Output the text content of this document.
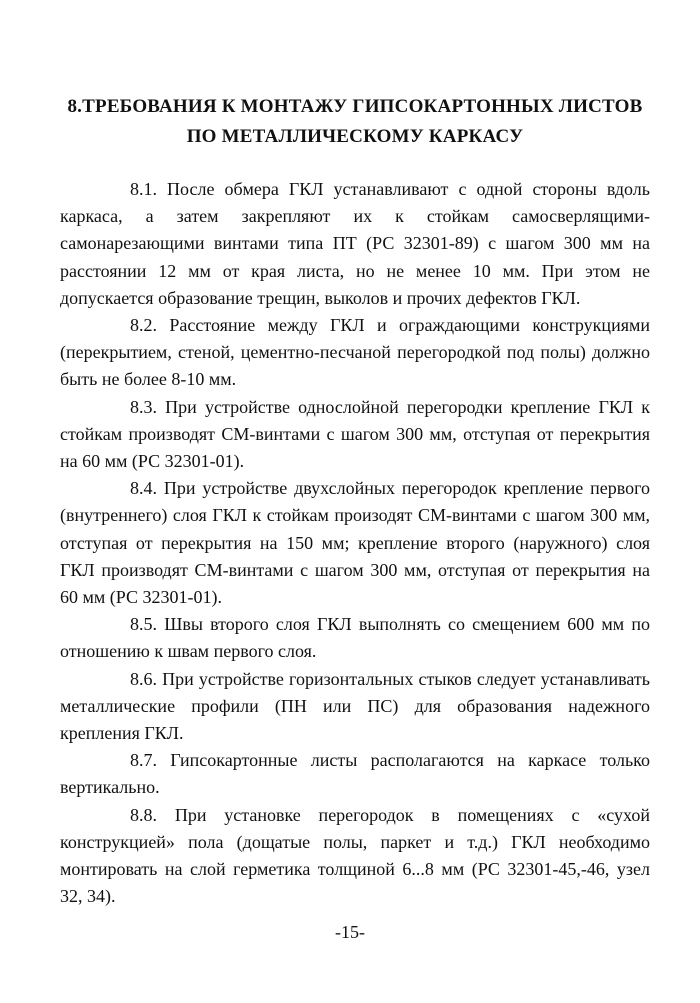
8.ТРЕБОВАНИЯ К МОНТАЖУ ГИПСОКАРТОННЫХ ЛИСТОВ
ПО МЕТАЛЛИЧЕСКОМУ КАРКАСУ

8.1. После обмера ГКЛ устанавливают с одной стороны вдоль каркаса, а затем закрепляют их к стойкам самосверлящими-самонарезающими винтами типа ПТ (РС 32301-89) с шагом 300 мм на расстоянии 12 мм от края листа, но не менее 10 мм. При этом не допускается образование трещин, выколов и прочих дефектов ГКЛ.

8.2. Расстояние между ГКЛ и ограждающими конструкциями (перекрытием, стеной, цементно-песчаной перегородкой под полы) должно быть не более 8-10 мм.

8.3. При устройстве однослойной перегородки крепление ГКЛ к стойкам производят СМ-винтами с шагом 300 мм, отступая от перекрытия на 60 мм (РС 32301-01).

8.4. При устройстве двухслойных перегородок крепление первого (внутреннего) слоя ГКЛ к стойкам произодят СМ-винтами с шагом 300 мм, отступая от перекрытия на 150 мм; крепление второго (наружного) слоя ГКЛ производят СМ-винтами с шагом 300 мм, отступая от перекрытия на 60 мм (РС 32301-01).

8.5. Швы второго слоя ГКЛ выполнять со смещением 600 мм по отношению к швам первого слоя.

8.6. При устройстве горизонтальных стыков следует устанавливать металлические профили (ПН или ПС) для образования надежного крепления ГКЛ.

8.7. Гипсокартонные листы располагаются на каркасе только вертикально.

8.8. При установке перегородок в помещениях с «сухой конструкцией» пола (дощатые полы, паркет и т.д.) ГКЛ необходимо монтировать на слой герметика толщиной 6...8 мм (РС 32301-45,-46, узел 32, 34).

-15-
